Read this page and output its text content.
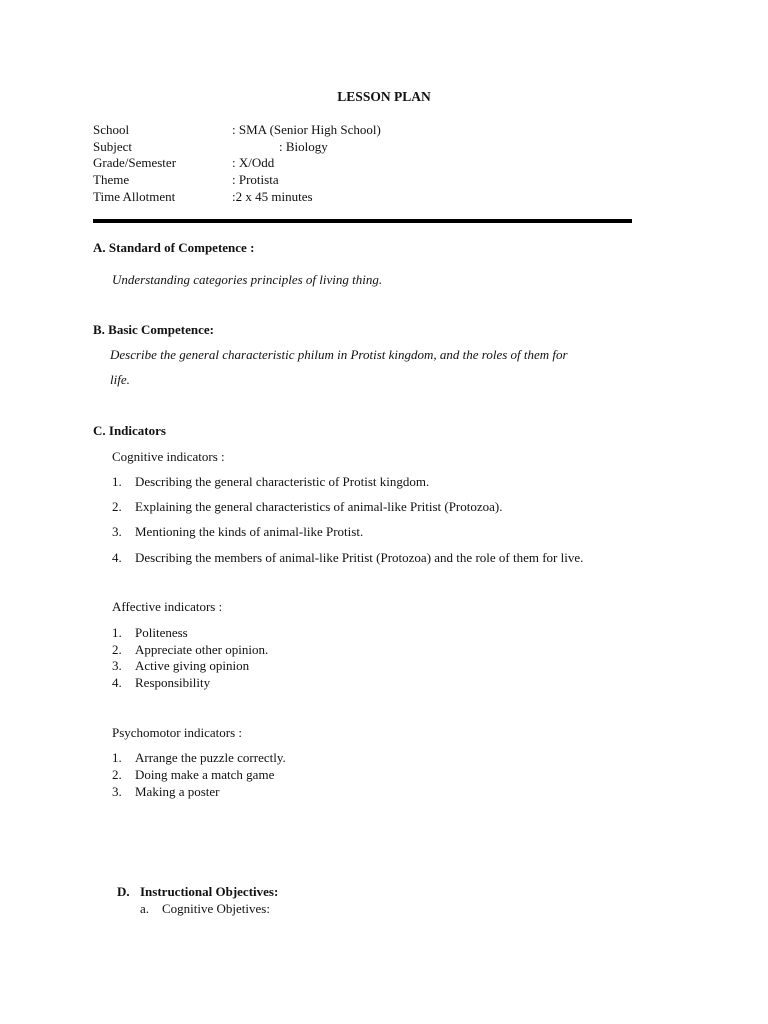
LESSON PLAN
School	: SMA (Senior High School)
Subject	: Biology
Grade/Semester	: X/Odd
Theme	: Protista
Time Allotment	:2 x 45 minutes
A. Standard of Competence :
Understanding categories principles of living thing.
B. Basic Competence:
Describe the general characteristic philum in Protist kingdom, and the roles of them for
life.
C. Indicators
Cognitive indicators :
1. Describing the general characteristic of Protist kingdom.
2. Explaining the general characteristics of animal-like Pritist (Protozoa).
3. Mentioning the kinds of animal-like Protist.
4. Describing the members of animal-like Pritist (Protozoa) and the role of them for live.
Affective indicators :
1. Politeness
2. Appreciate other opinion.
3. Active giving opinion
4. Responsibility
Psychomotor indicators :
1. Arrange the puzzle correctly.
2. Doing make a match game
3. Making a poster
D. Instructional Objectives:
a. Cognitive Objetives:
